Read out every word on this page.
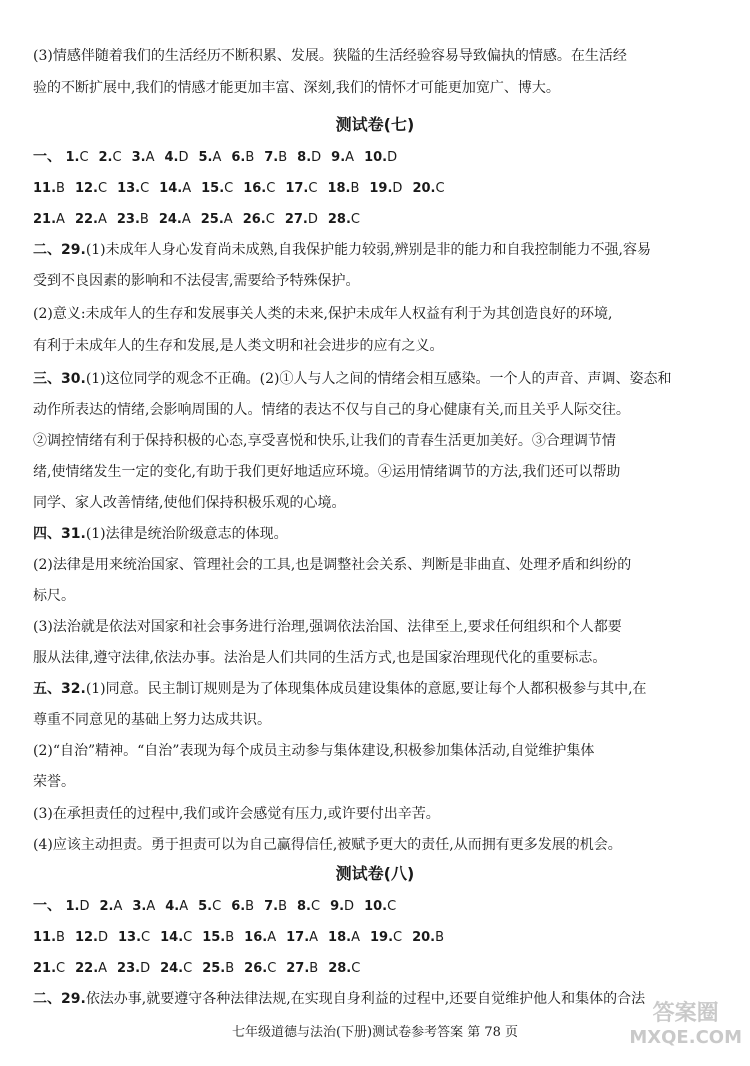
(3)情感伴随着我们的生活经历不断积累、发展。狭隘的生活经验容易导致偏执的情感。在生活经
验的不断扩展中,我们的情感才能更加丰富、深刻,我们的情怀才可能更加宽广、博大。
测试卷(七)
一、 1.C 2.C 3.A 4.D 5.A 6.B 7.B 8.D 9.A 10.D
11.B 12.C 13.C 14.A 15.C 16.C 17.C 18.B 19.D 20.C
21.A 22.A 23.B 24.A 25.A 26.C 27.D 28.C
二、29.(1)未成年人身心发育尚未成熟,自我保护能力较弱,辨别是非的能力和自我控制能力不强,容易
受到不良因素的影响和不法侵害,需要给予特殊保护。
(2)意义:未成年人的生存和发展事关人类的未来,保护未成年人权益有利于为其创造良好的环境,
有利于未成年人的生存和发展,是人类文明和社会进步的应有之义。
三、30.(1)这位同学的观念不正确。(2)①人与人之间的情绪会相互感染。一个人的声音、声调、姿态和
动作所表达的情绪,会影响周围的人。情绪的表达不仅与自己的身心健康有关,而且关乎人际交往。
②调控情绪有利于保持积极的心态,享受喜悦和快乐,让我们的青春生活更加美好。③合理调节情
绪,使情绪发生一定的变化,有助于我们更好地适应环境。④运用情绪调节的方法,我们还可以帮助
同学、家人改善情绪,使他们保持积极乐观的心境。
四、31.(1)法律是统治阶级意志的体现。
(2)法律是用来统治国家、管理社会的工具,也是调整社会关系、判断是非曲直、处理矛盾和纠纷的
标尺。
(3)法治就是依法对国家和社会事务进行治理,强调依法治国、法律至上,要求任何组织和个人都要
服从法律,遵守法律,依法办事。法治是人们共同的生活方式,也是国家治理现代化的重要标志。
五、32.(1)同意。民主制订规则是为了体现集体成员建设集体的意愿,要让每个人都积极参与其中,在
尊重不同意见的基础上努力达成共识。
(2)“自治”精神。“自治”表现为每个成员主动参与集体建设,积极参加集体活动,自觉维护集体
荣誉。
(3)在承担责任的过程中,我们或许会感觉有压力,或许要付出辛苦。
(4)应该主动担责。勇于担责可以为自己赢得信任,被赋予更大的责任,从而拥有更多发展的机会。
测试卷(八)
一、 1.D 2.A 3.A 4.A 5.C 6.B 7.B 8.C 9.D 10.C
11.B 12.D 13.C 14.C 15.B 16.A 17.A 18.A 19.C 20.B
21.C 22.A 23.D 24.C 25.B 26.C 27.B 28.C
二、29.依法办事,就要遵守各种法律法规,在实现自身利益的过程中,还要自觉维护他人和集体的合法
七年级道德与法治(下册)测试卷参考答案 第 78 页
答案圈
MXQE.COM
